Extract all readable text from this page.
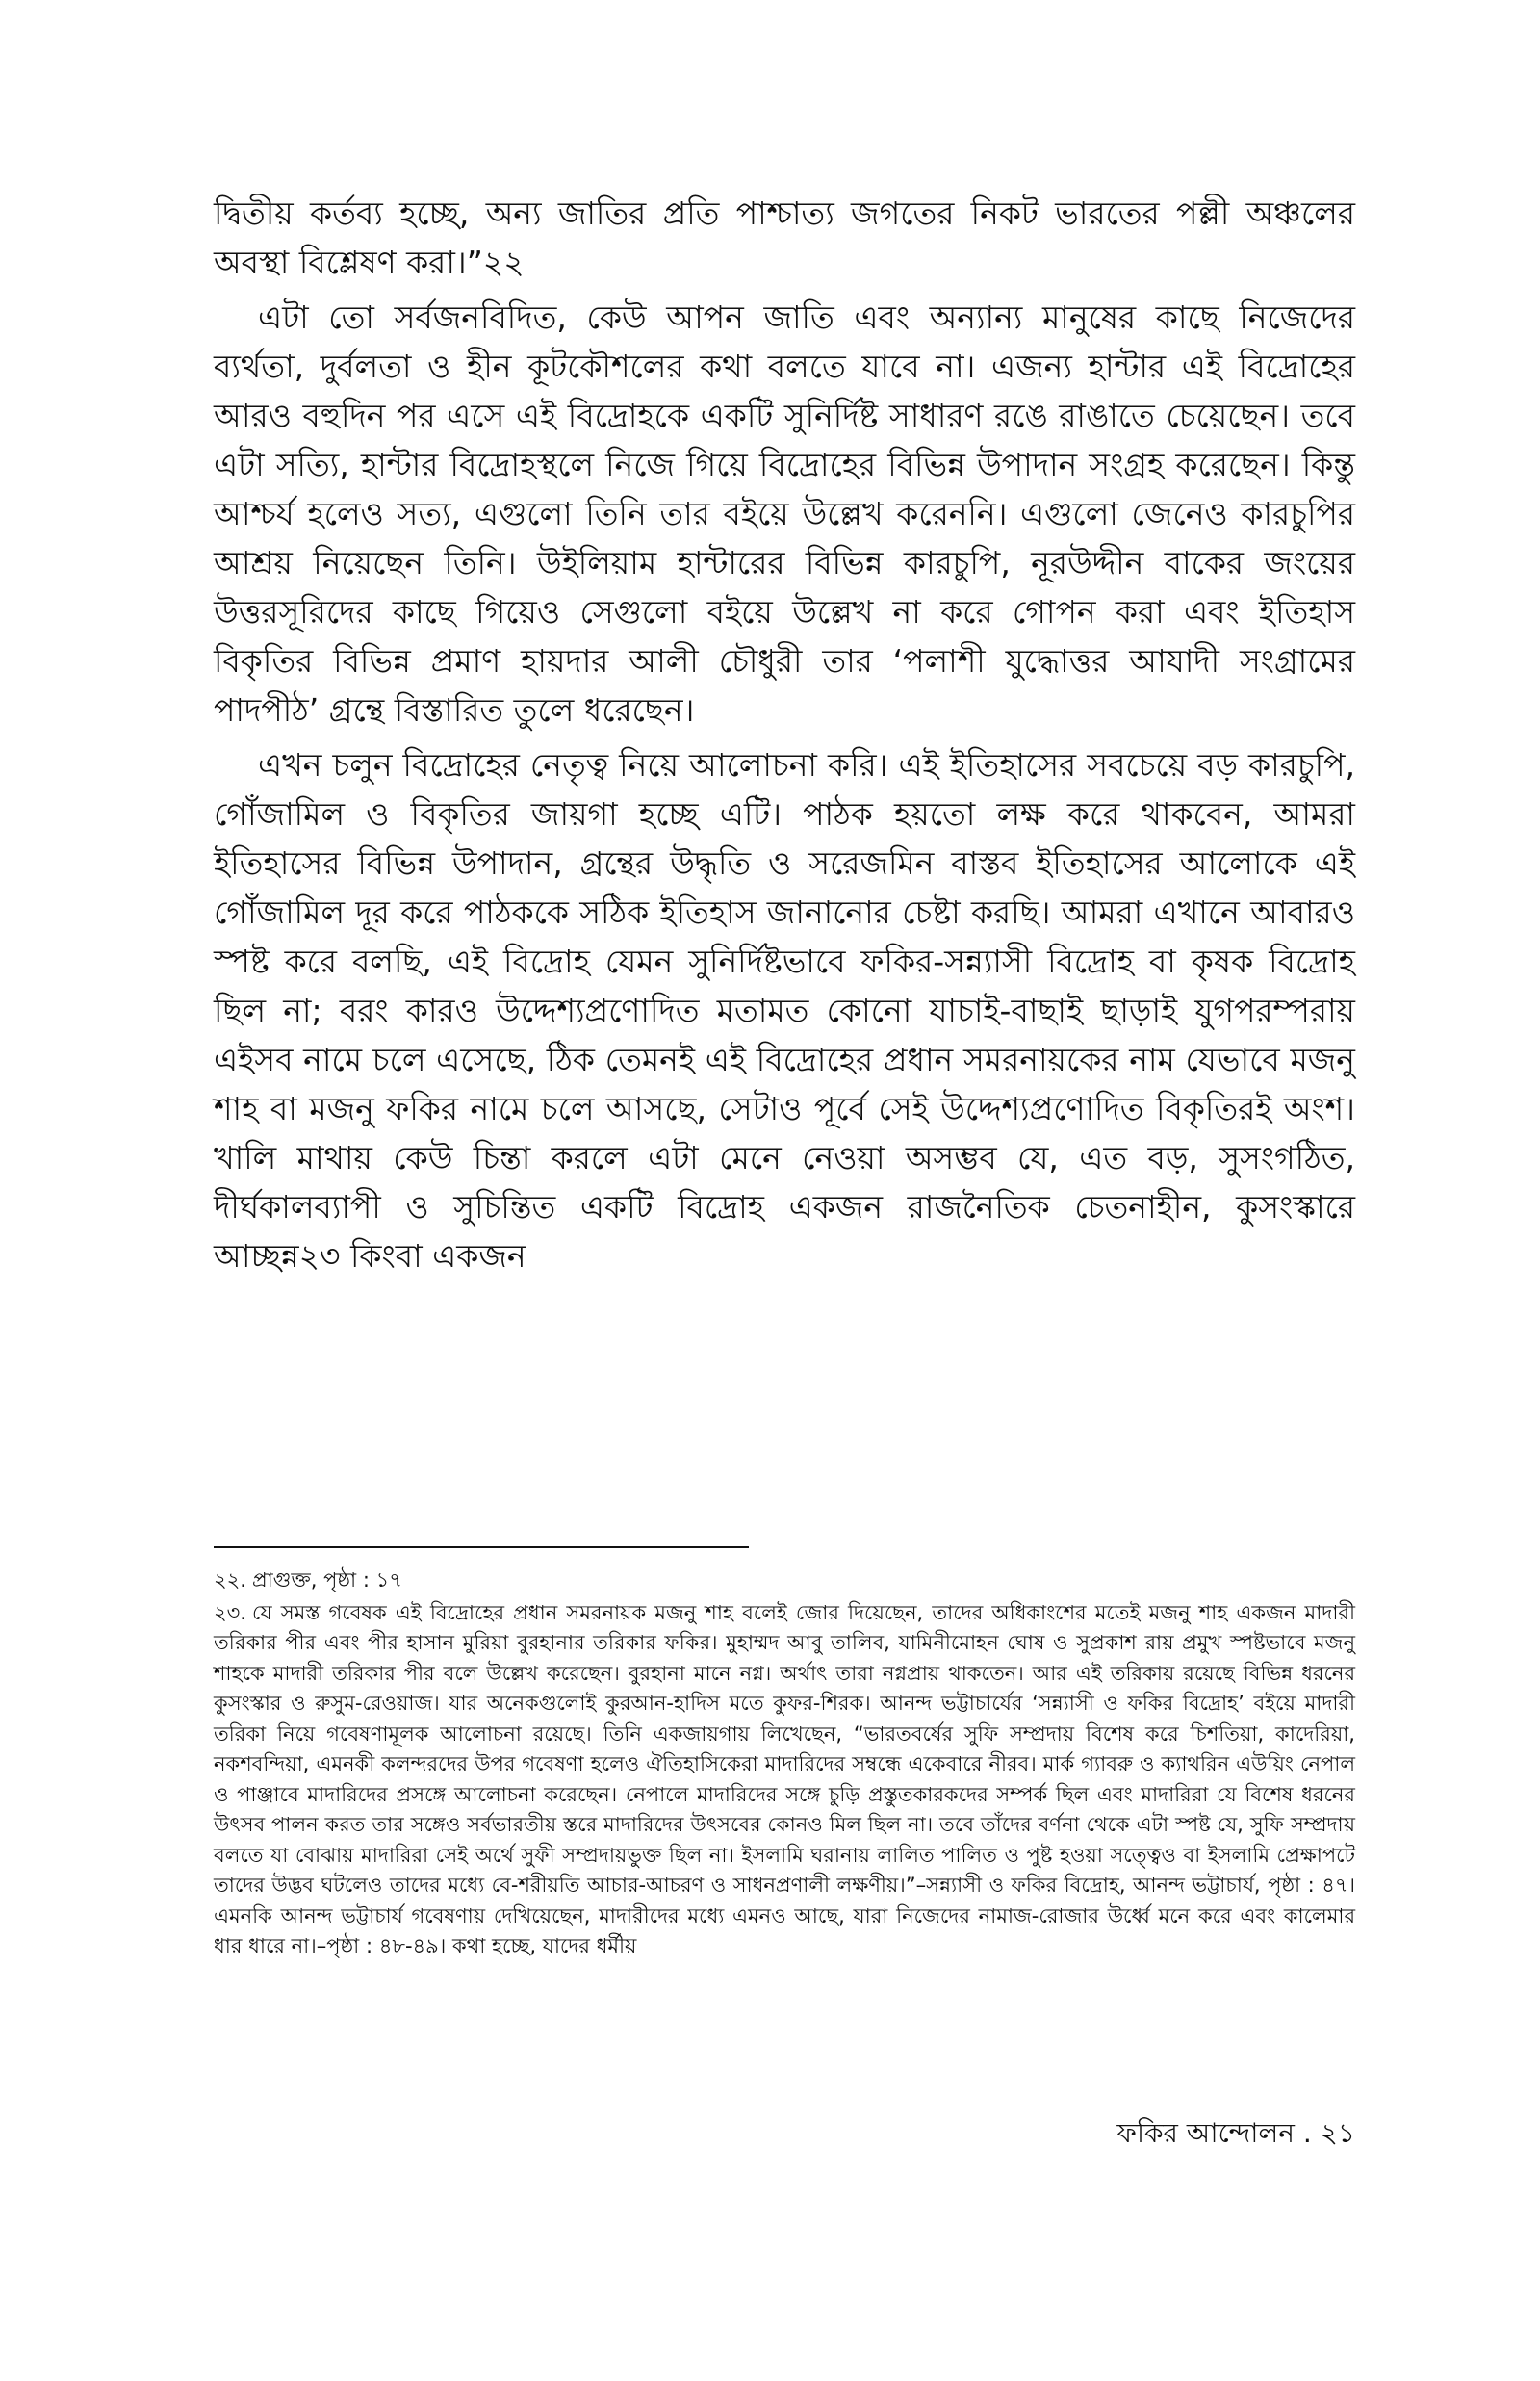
দ্বিতীয় কর্তব্য হচ্ছে, অন্য জাতির প্রতি পাশ্চাত্য জগতের নিকট ভারতের পল্লী অঞ্চলের অবস্থা বিশ্লেষণ করা।”২২

এটা তো সর্বজনবিদিত, কেউ আপন জাতি এবং অন্যান্য মানুষের কাছে নিজেদের ব্যর্থতা, দুর্বলতা ও হীন কূটকৌশলের কথা বলতে যাবে না। এজন্য হান্টার এই বিদ্রোহের আরও বহুদিন পর এসে এই বিদ্রোহকে একটি সুনির্দিষ্ট সাধারণ রঙে রাঙাতে চেয়েছেন। তবে এটা সত্যি, হান্টার বিদ্রোহস্থলে নিজে গিয়ে বিদ্রোহের বিভিন্ন উপাদান সংগ্রহ করেছেন। কিন্তু আশ্চর্য হলেও সত্য, এগুলো তিনি তার বইয়ে উল্লেখ করেননি। এগুলো জেনেও কারচুপির আশ্রয় নিয়েছেন তিনি। উইলিয়াম হান্টারের বিভিন্ন কারচুপি, নূরউদ্দীন বাকের জংয়ের উত্তরসূরিদের কাছে গিয়েও সেগুলো বইয়ে উল্লেখ না করে গোপন করা এবং ইতিহাস বিকৃতির বিভিন্ন প্রমাণ হায়দার আলী চৌধুরী তার ‘পলাশী যুদ্ধোত্তর আযাদী সংগ্রামের পাদপীঠ’ গ্রন্থে বিস্তারিত তুলে ধরেছেন।

এখন চলুন বিদ্রোহের নেতৃত্ব নিয়ে আলোচনা করি। এই ইতিহাসের সবচেয়ে বড় কারচুপি, গোঁজামিল ও বিকৃতির জায়গা হচ্ছে এটি। পাঠক হয়তো লক্ষ করে থাকবেন, আমরা ইতিহাসের বিভিন্ন উপাদান, গ্রন্থের উদ্ধৃতি ও সরেজমিন বাস্তব ইতিহাসের আলোকে এই গোঁজামিল দূর করে পাঠককে সঠিক ইতিহাস জানানোর চেষ্টা করছি। আমরা এখানে আবারও স্পষ্ট করে বলছি, এই বিদ্রোহ যেমন সুনির্দিষ্টভাবে ফকির-সন্ন্যাসী বিদ্রোহ বা কৃষক বিদ্রোহ ছিল না; বরং কারও উদ্দেশ্যপ্রণোদিত মতামত কোনো যাচাই-বাছাই ছাড়াই যুগপরম্পরায় এইসব নামে চলে এসেছে, ঠিক তেমনই এই বিদ্রোহের প্রধান সমরনায়কের নাম যেভাবে মজনু শাহ বা মজনু ফকির নামে চলে আসছে, সেটাও পূর্বে সেই উদ্দেশ্যপ্রণোদিত বিকৃতিরই অংশ। খালি মাথায় কেউ চিন্তা করলে এটা মেনে নেওয়া অসম্ভব যে, এত বড়, সুসংগঠিত, দীর্ঘকালব্যাপী ও সুচিন্তিত একটি বিদ্রোহ একজন রাজনৈতিক চেতনাহীন, কুসংস্কারে আচ্ছন্ন২৩ কিংবা একজন

২২. প্রাগুক্ত, পৃষ্ঠা : ১৭

২৩. যে সমস্ত গবেষক এই বিদ্রোহের প্রধান সমরনায়ক মজনু শাহ বলেই জোর দিয়েছেন, তাদের অধিকাংশের মতেই মজনু শাহ একজন মাদারী তরিকার পীর এবং পীর হাসান মুরিয়া বুরহানার তরিকার ফকির। মুহাম্মদ আবু তালিব, যামিনীমোহন ঘোষ ও সুপ্রকাশ রায় প্রমুখ স্পষ্টভাবে মজনু শাহকে মাদারী তরিকার পীর বলে উল্লেখ করেছেন। বুরহানা মানে নগ্ন। অর্থাৎ তারা নগ্নপ্রায় থাকতেন। আর এই তরিকায় রয়েছে বিভিন্ন ধরনের কুসংস্কার ও রুসুম-রেওয়াজ। যার অনেকগুলোই কুরআন-হাদিস মতে কুফর-শিরক। আনন্দ ভট্টাচার্যের ‘সন্ন্যাসী ও ফকির বিদ্রোহ’ বইয়ে মাদারী তরিকা নিয়ে গবেষণামূলক আলোচনা রয়েছে। তিনি একজায়গায় লিখেছেন, “ভারতবর্ষের সুফি সম্প্রদায় বিশেষ করে চিশতিয়া, কাদেরিয়া, নকশবন্দিয়া, এমনকী কলন্দরদের উপর গবেষণা হলেও ঐতিহাসিকেরা মাদারিদের সম্বন্ধে একেবারে নীরব। মার্ক গ্যাবরু ও ক্যাথরিন এউয়িং নেপাল ও পাঞ্জাবে মাদারিদের প্রসঙ্গে আলোচনা করেছেন। নেপালে মাদারিদের সঙ্গে চুড়ি প্রস্তুতকারকদের সম্পর্ক ছিল এবং মাদারিরা যে বিশেষ ধরনের উৎসব পালন করত তার সঙ্গেও সর্বভারতীয় স্তরে মাদারিদের উৎসবের কোনও মিল ছিল না। তবে তাঁদের বর্ণনা থেকে এটা স্পষ্ট যে, সুফি সম্প্রদায় বলতে যা বোঝায় মাদারিরা সেই অর্থে সুফী সম্প্রদায়ভুক্ত ছিল না। ইসলামি ঘরানায় লালিত পালিত ও পুষ্ট হওয়া সত্ত্বেও বা ইসলামি প্রেক্ষাপটে তাদের উদ্ভব ঘটলেও তাদের মধ্যে বে-শরীয়তি আচার-আচরণ ও সাধনপ্রণালী লক্ষণীয়।”–সন্ন্যাসী ও ফকির বিদ্রোহ, আনন্দ ভট্টাচার্য, পৃষ্ঠা : ৪৭। এমনকি আনন্দ ভট্টাচার্য গবেষণায় দেখিয়েছেন, মাদারীদের মধ্যে এমনও আছে, যারা নিজেদের নামাজ-রোজার উর্ধ্বে মনে করে এবং কালেমার ধার ধারে না।–পৃষ্ঠা : ৪৮-৪৯। কথা হচ্ছে, যাদের ধর্মীয়

ফকির আন্দোলন . ২১
